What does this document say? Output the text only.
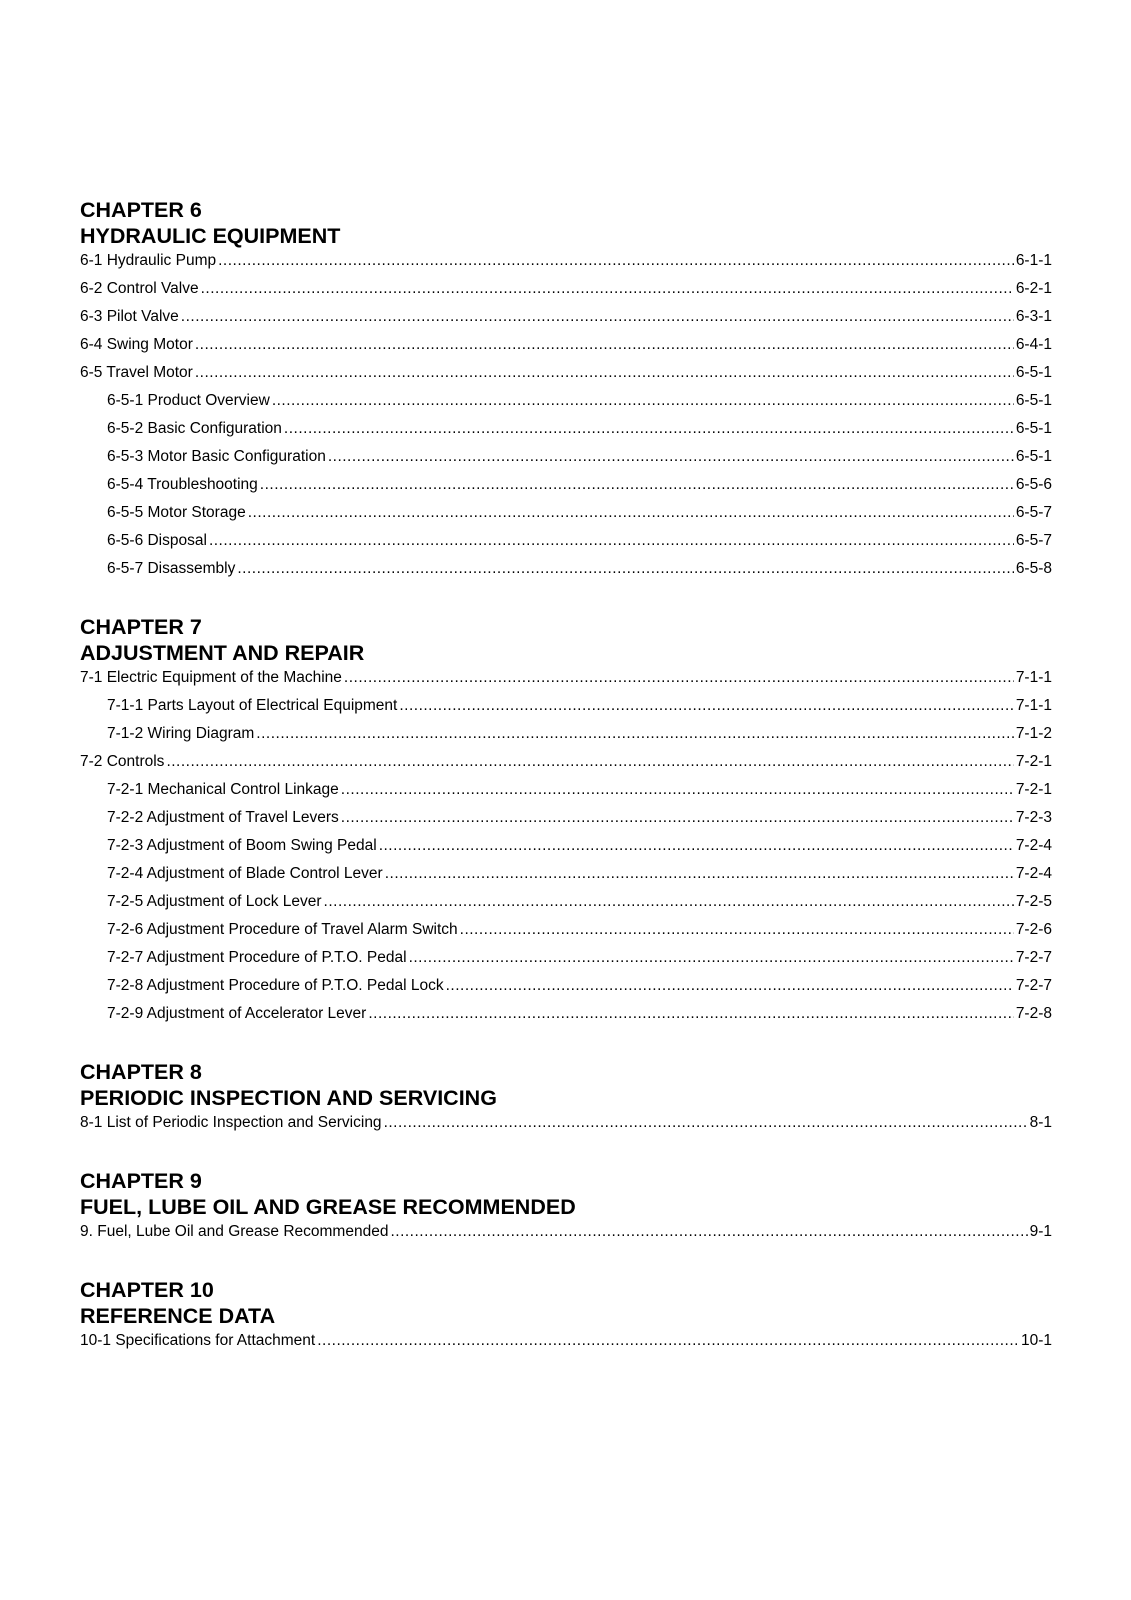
CHAPTER 6
HYDRAULIC EQUIPMENT
6-1 Hydraulic Pump .....	6-1-1
6-2 Control Valve .....	6-2-1
6-3 Pilot Valve .....	6-3-1
6-4 Swing Motor .....	6-4-1
6-5 Travel Motor .....	6-5-1
6-5-1 Product Overview .....	6-5-1
6-5-2 Basic Configuration .....	6-5-1
6-5-3 Motor Basic Configuration .....	6-5-1
6-5-4 Troubleshooting .....	6-5-6
6-5-5 Motor Storage .....	6-5-7
6-5-6 Disposal .....	6-5-7
6-5-7 Disassembly .....	6-5-8
CHAPTER 7
ADJUSTMENT AND REPAIR
7-1 Electric Equipment of the Machine .....	7-1-1
7-1-1 Parts Layout of Electrical Equipment .....	7-1-1
7-1-2 Wiring Diagram .....	7-1-2
7-2 Controls .....	7-2-1
7-2-1 Mechanical Control Linkage .....	7-2-1
7-2-2 Adjustment of Travel Levers .....	7-2-3
7-2-3 Adjustment of Boom Swing Pedal .....	7-2-4
7-2-4 Adjustment of Blade Control Lever .....	7-2-4
7-2-5 Adjustment of Lock Lever .....	7-2-5
7-2-6 Adjustment Procedure of Travel Alarm Switch .....	7-2-6
7-2-7 Adjustment Procedure of P.T.O. Pedal .....	7-2-7
7-2-8 Adjustment Procedure of P.T.O. Pedal Lock .....	7-2-7
7-2-9 Adjustment of Accelerator Lever .....	7-2-8
CHAPTER 8
PERIODIC INSPECTION AND SERVICING
8-1 List of Periodic Inspection and Servicing .....	8-1
CHAPTER 9
FUEL, LUBE OIL AND GREASE RECOMMENDED
9. Fuel, Lube Oil and Grease Recommended .....	9-1
CHAPTER 10
REFERENCE DATA
10-1 Specifications for Attachment .....	10-1
